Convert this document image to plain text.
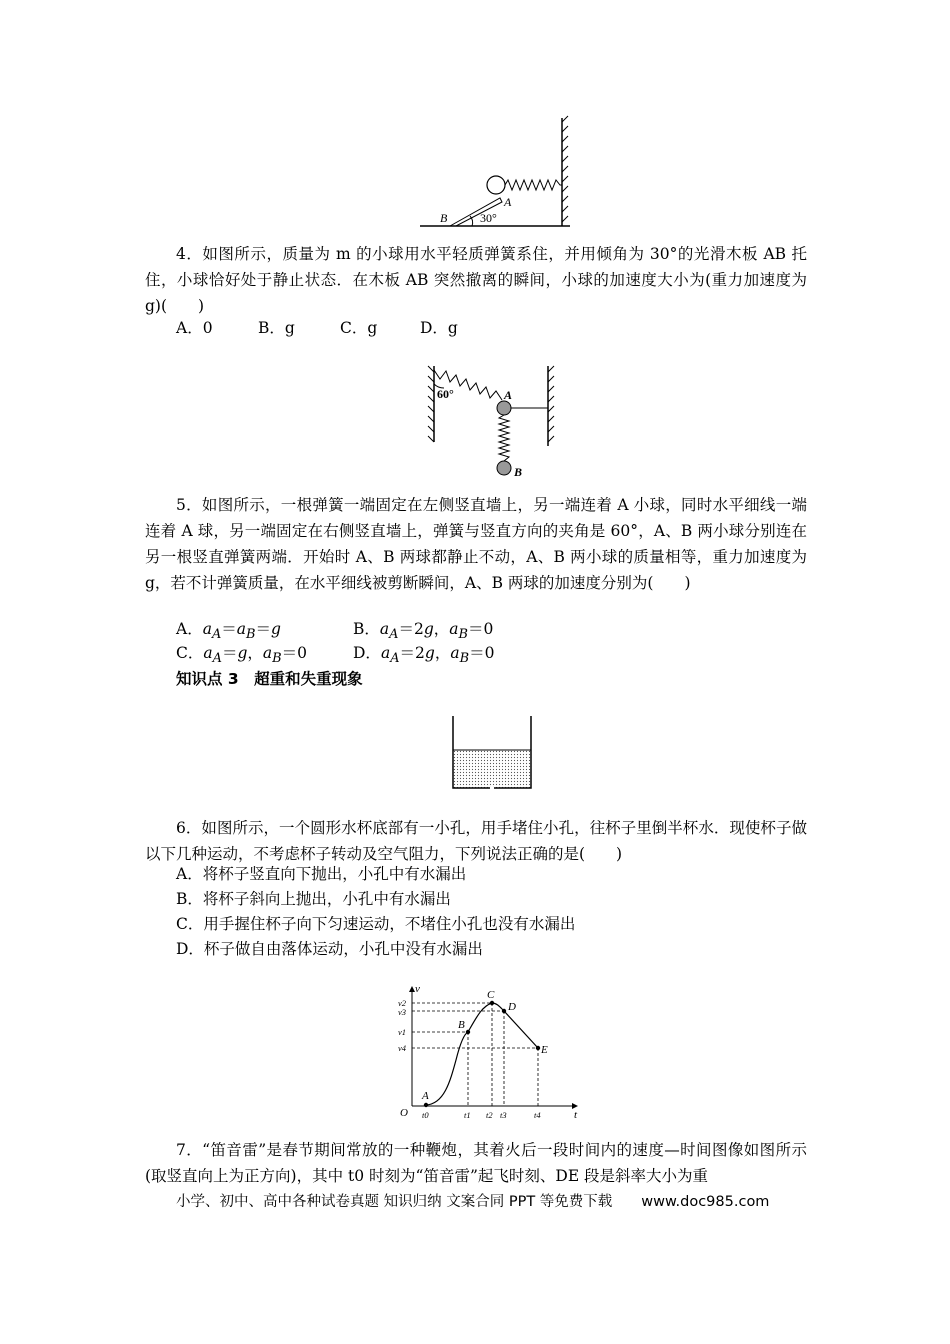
B
A
30°
4．如图所示，质量为 m 的小球用水平轻质弹簧系住，并用倾角为 30°的光滑木板 AB 托住，小球恰好处于静止状态．在木板 AB 突然撤离的瞬间，小球的加速度大小为(重力加速度为 g)(　　)
A．0	B．g	C．g	D．g
60°	A
B
5．如图所示，一根弹簧一端固定在左侧竖直墙上，另一端连着 A 小球，同时水平细线一端连着 A 球，另一端固定在右侧竖直墙上，弹簧与竖直方向的夹角是 60°，A、B 两小球分别连在另一根竖直弹簧两端．开始时 A、B 两球都静止不动，A、B 两小球的质量相等，重力加速度为 g，若不计弹簧质量，在水平细线被剪断瞬间，A、B 两球的加速度分别为(　　)
A．$a_A=a_B=g$	B．$a_A=2g$，$a_B=0$
C．$a_A=g$，$a_B=0$	D．$a_A=2g$，$a_B=0$
知识点 3　超重和失重现象
6．如图所示，一个圆形水杯底部有一小孔，用手堵住小孔，往杯子里倒半杯水．现使杯子做以下几种运动，不考虑杯子转动及空气阻力，下列说法正确的是(　　)
A．将杯子竖直向下抛出，小孔中有水漏出
B．将杯子斜向上抛出，小孔中有水漏出
C．用手握住杯子向下匀速运动，不堵住小孔也没有水漏出
D．杯子做自由落体运动，小孔中没有水漏出
v
t
O
A
B
C
D
E
v2
v3
v1
v4
t0	t1 t2 t3	t4
7．“笛音雷”是春节期间常放的一种鞭炮，其着火后一段时间内的速度—时间图像如图所示(取竖直向上为正方向)，其中 t0 时刻为“笛音雷”起飞时刻、DE 段是斜率大小为重
小学、初中、高中各种试卷真题 知识归纳 文案合同 PPT 等免费下载　　www.doc985.com
